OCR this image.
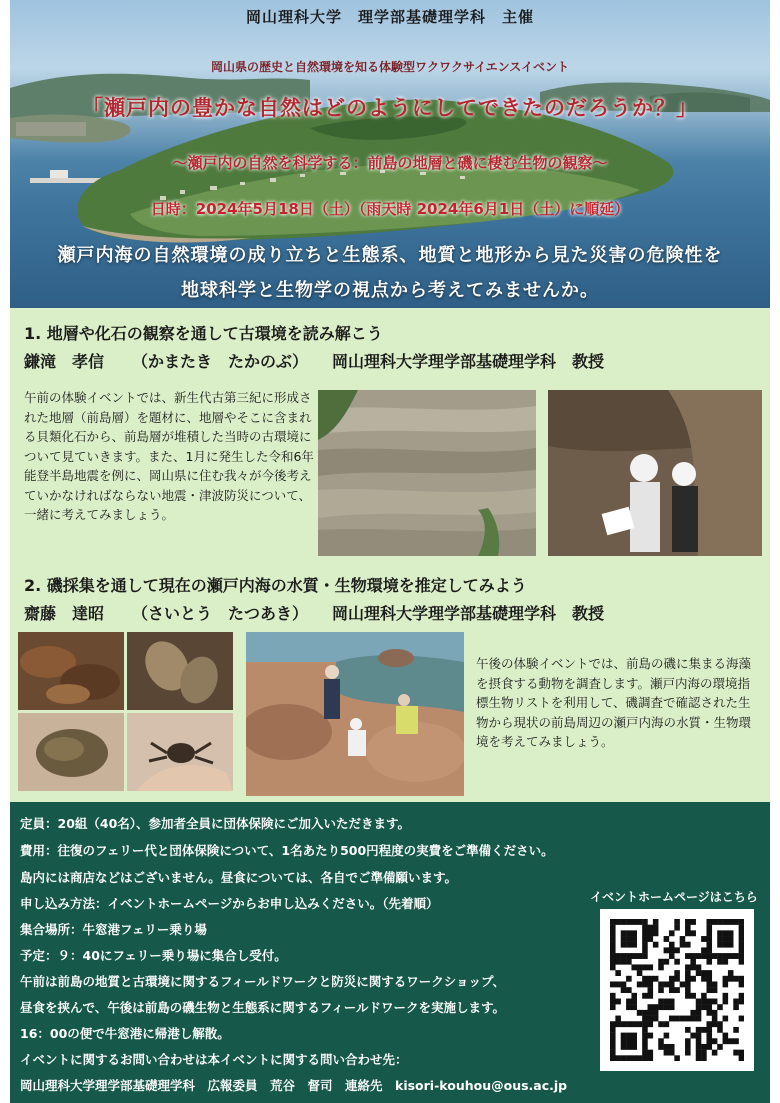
岡山理科大学　理学部基礎理学科　主催
岡山県の歴史と自然環境を知る体験型ワクワクサイエンスイベント
「瀬戸内の豊かな自然はどのようにしてできたのだろうか？」
～瀬戸内の自然を科学する：前島の地層と磯に棲む生物の観察～
日時：2024年5月18日（土）（雨天時 2024年6月1日（土）に順延）
瀬戸内海の自然環境の成り立ちと生態系、地質と地形から見た災害の危険性を
地球科学と生物学の視点から考えてみませんか。
1. 地層や化石の観察を通して古環境を読み解こう
鎌滝　孝信 （かまたき　たかのぶ） 岡山理科大学理学部基礎理学科　教授
午前の体験イベントでは、新生代古第三紀に形成された地層（前島層）を題材に、地層やそこに含まれる貝類化石から、前島層が堆積した当時の古環境について見ていきます。また、1月に発生した令和6年能登半島地震を例に、岡山県に住む我々が今後考えていかなければならない地震・津波防災について、一緒に考えてみましょう。
2. 磯採集を通して現在の瀬戸内海の水質・生物環境を推定してみよう
齋藤　達昭 （さいとう　たつあき） 岡山理科大学理学部基礎理学科　教授
午後の体験イベントでは、前島の磯に集まる海藻を摂食する動物を調査します。瀬戸内海の環境指標生物リストを利用して、磯調査で確認された生物から現状の前島周辺の瀬戸内海の水質・生物環境を考えてみましょう。
定員：20組（40名）、参加者全員に団体保険にご加入いただきます。
費用：往復のフェリー代と団体保険について、1名あたり500円程度の実費をご準備ください。
島内には商店などはございません。昼食については、各自でご準備願います。
申し込み方法：イベントホームページからお申し込みください。（先着順）
集合場所：牛窓港フェリー乗り場
予定：９：40にフェリー乗り場に集合し受付。
午前は前島の地質と古環境に関するフィールドワークと防災に関するワークショップ、
昼食を挟んで、午後は前島の磯生物と生態系に関するフィールドワークを実施します。
16：00の便で牛窓港に帰港し解散。
イベントに関するお問い合わせは本イベントに関する問い合わせ先：
岡山理科大学理学部基礎理学科　広報委員　荒谷　督司　連絡先　kisori-kouhou@ous.ac.jp
イベントホームページはこちら
